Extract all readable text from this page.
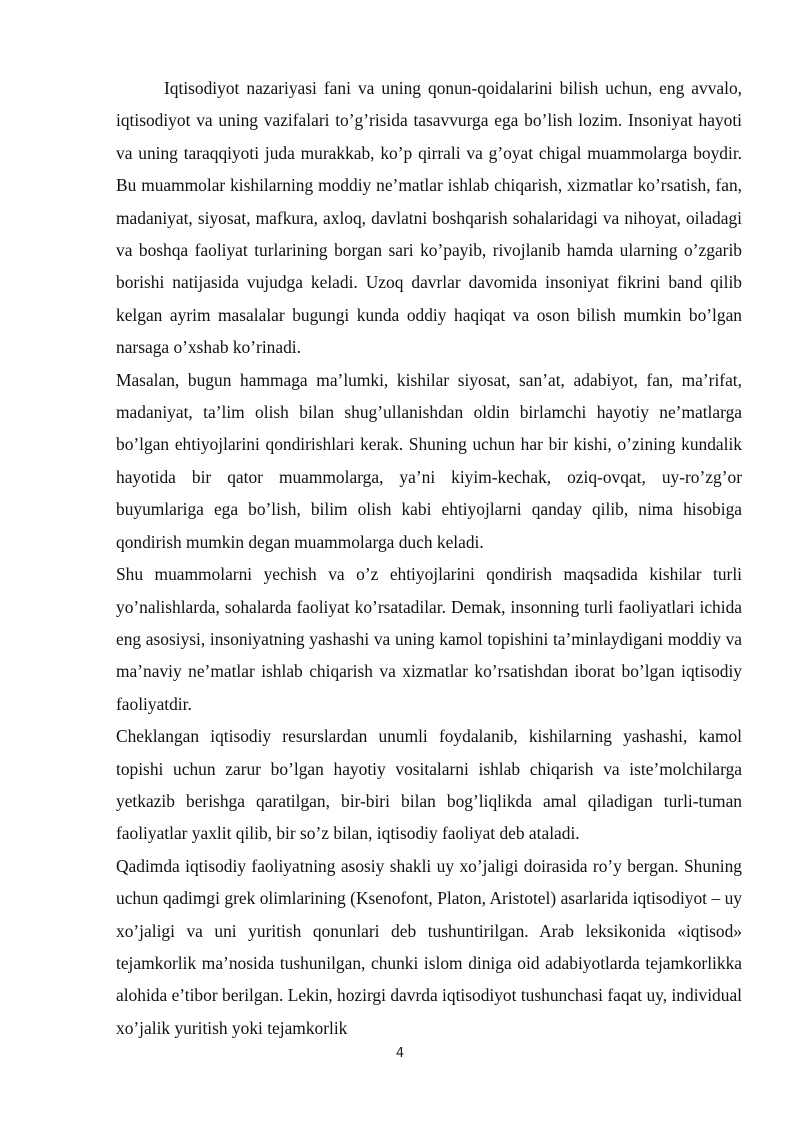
Iqtisodiyot nazariyasi fani va uning qonun-qoidalarini bilish uchun, eng avvalo, iqtisodiyot va uning vazifalari to’g’risida tasavvurga ega bo’lish lozim. Insoniyat hayoti va uning taraqqiyoti juda murakkab, ko’p qirrali va g’oyat chigal muammolarga boydir. Bu muammolar kishilarning moddiy ne’matlar ishlab chiqarish, xizmatlar ko’rsatish, fan, madaniyat, siyosat, mafkura, axloq, davlatni boshqarish sohalaridagi va nihoyat, oiladagi va boshqa faoliyat turlarining borgan sari ko’payib, rivojlanib hamda ularning o’zgarib borishi natijasida vujudga keladi. Uzoq davrlar davomida insoniyat fikrini band qilib kelgan ayrim masalalar bugungi kunda oddiy haqiqat va oson bilish mumkin bo’lgan narsaga o’xshab ko’rinadi.

Masalan, bugun hammaga ma’lumki, kishilar siyosat, san’at, adabiyot, fan, ma’rifat, madaniyat, ta’lim olish bilan shug’ullanishdan oldin birlamchi hayotiy ne’matlarga bo’lgan ehtiyojlarini qondirishlari kerak. Shuning uchun har bir kishi, o’zining kundalik hayotida bir qator muammolarga, ya’ni kiyim-kechak, oziq-ovqat, uy-ro’zg’or buyumlariga ega bo’lish, bilim olish kabi ehtiyojlarni qanday qilib, nima hisobiga qondirish mumkin degan muammolarga duch keladi.

Shu muammolarni yechish va o’z ehtiyojlarini qondirish maqsadida kishilar turli yo’nalishlarda, sohalarda faoliyat ko’rsatadilar. Demak, insonning turli faoliyatlari ichida eng asosiysi, insoniyatning yashashi va uning kamol topishini ta’minlaydigani moddiy va ma’naviy ne’matlar ishlab chiqarish va xizmatlar ko’rsatishdan iborat bo’lgan iqtisodiy faoliyatdir.

Cheklangan iqtisodiy resurslardan unumli foydalanib, kishilarning yashashi, kamol topishi uchun zarur bo’lgan hayotiy vositalarni ishlab chiqarish va iste’molchilarga yetkazib berishga qaratilgan, bir-biri bilan bog’liqlikda amal qiladigan turli-tuman faoliyatlar yaxlit qilib, bir so’z bilan, iqtisodiy faoliyat deb ataladi.

Qadimda iqtisodiy faoliyatning asosiy shakli uy xo’jaligi doirasida ro’y bergan. Shuning uchun qadimgi grek olimlarining (Ksenofont, Platon, Aristotel) asarlarida iqtisodiyot – uy xo’jaligi va uni yuritish qonunlari deb tushuntirilgan. Arab leksikonida «iqtisod» tejamkorlik ma’nosida tushunilgan, chunki islom diniga oid adabiyotlarda tejamkorlikka alohida e’tibor berilgan. Lekin, hozirgi davrda iqtisodiyot tushunchasi faqat uy, individual xo’jalik yuritish yoki tejamkorlik

4
